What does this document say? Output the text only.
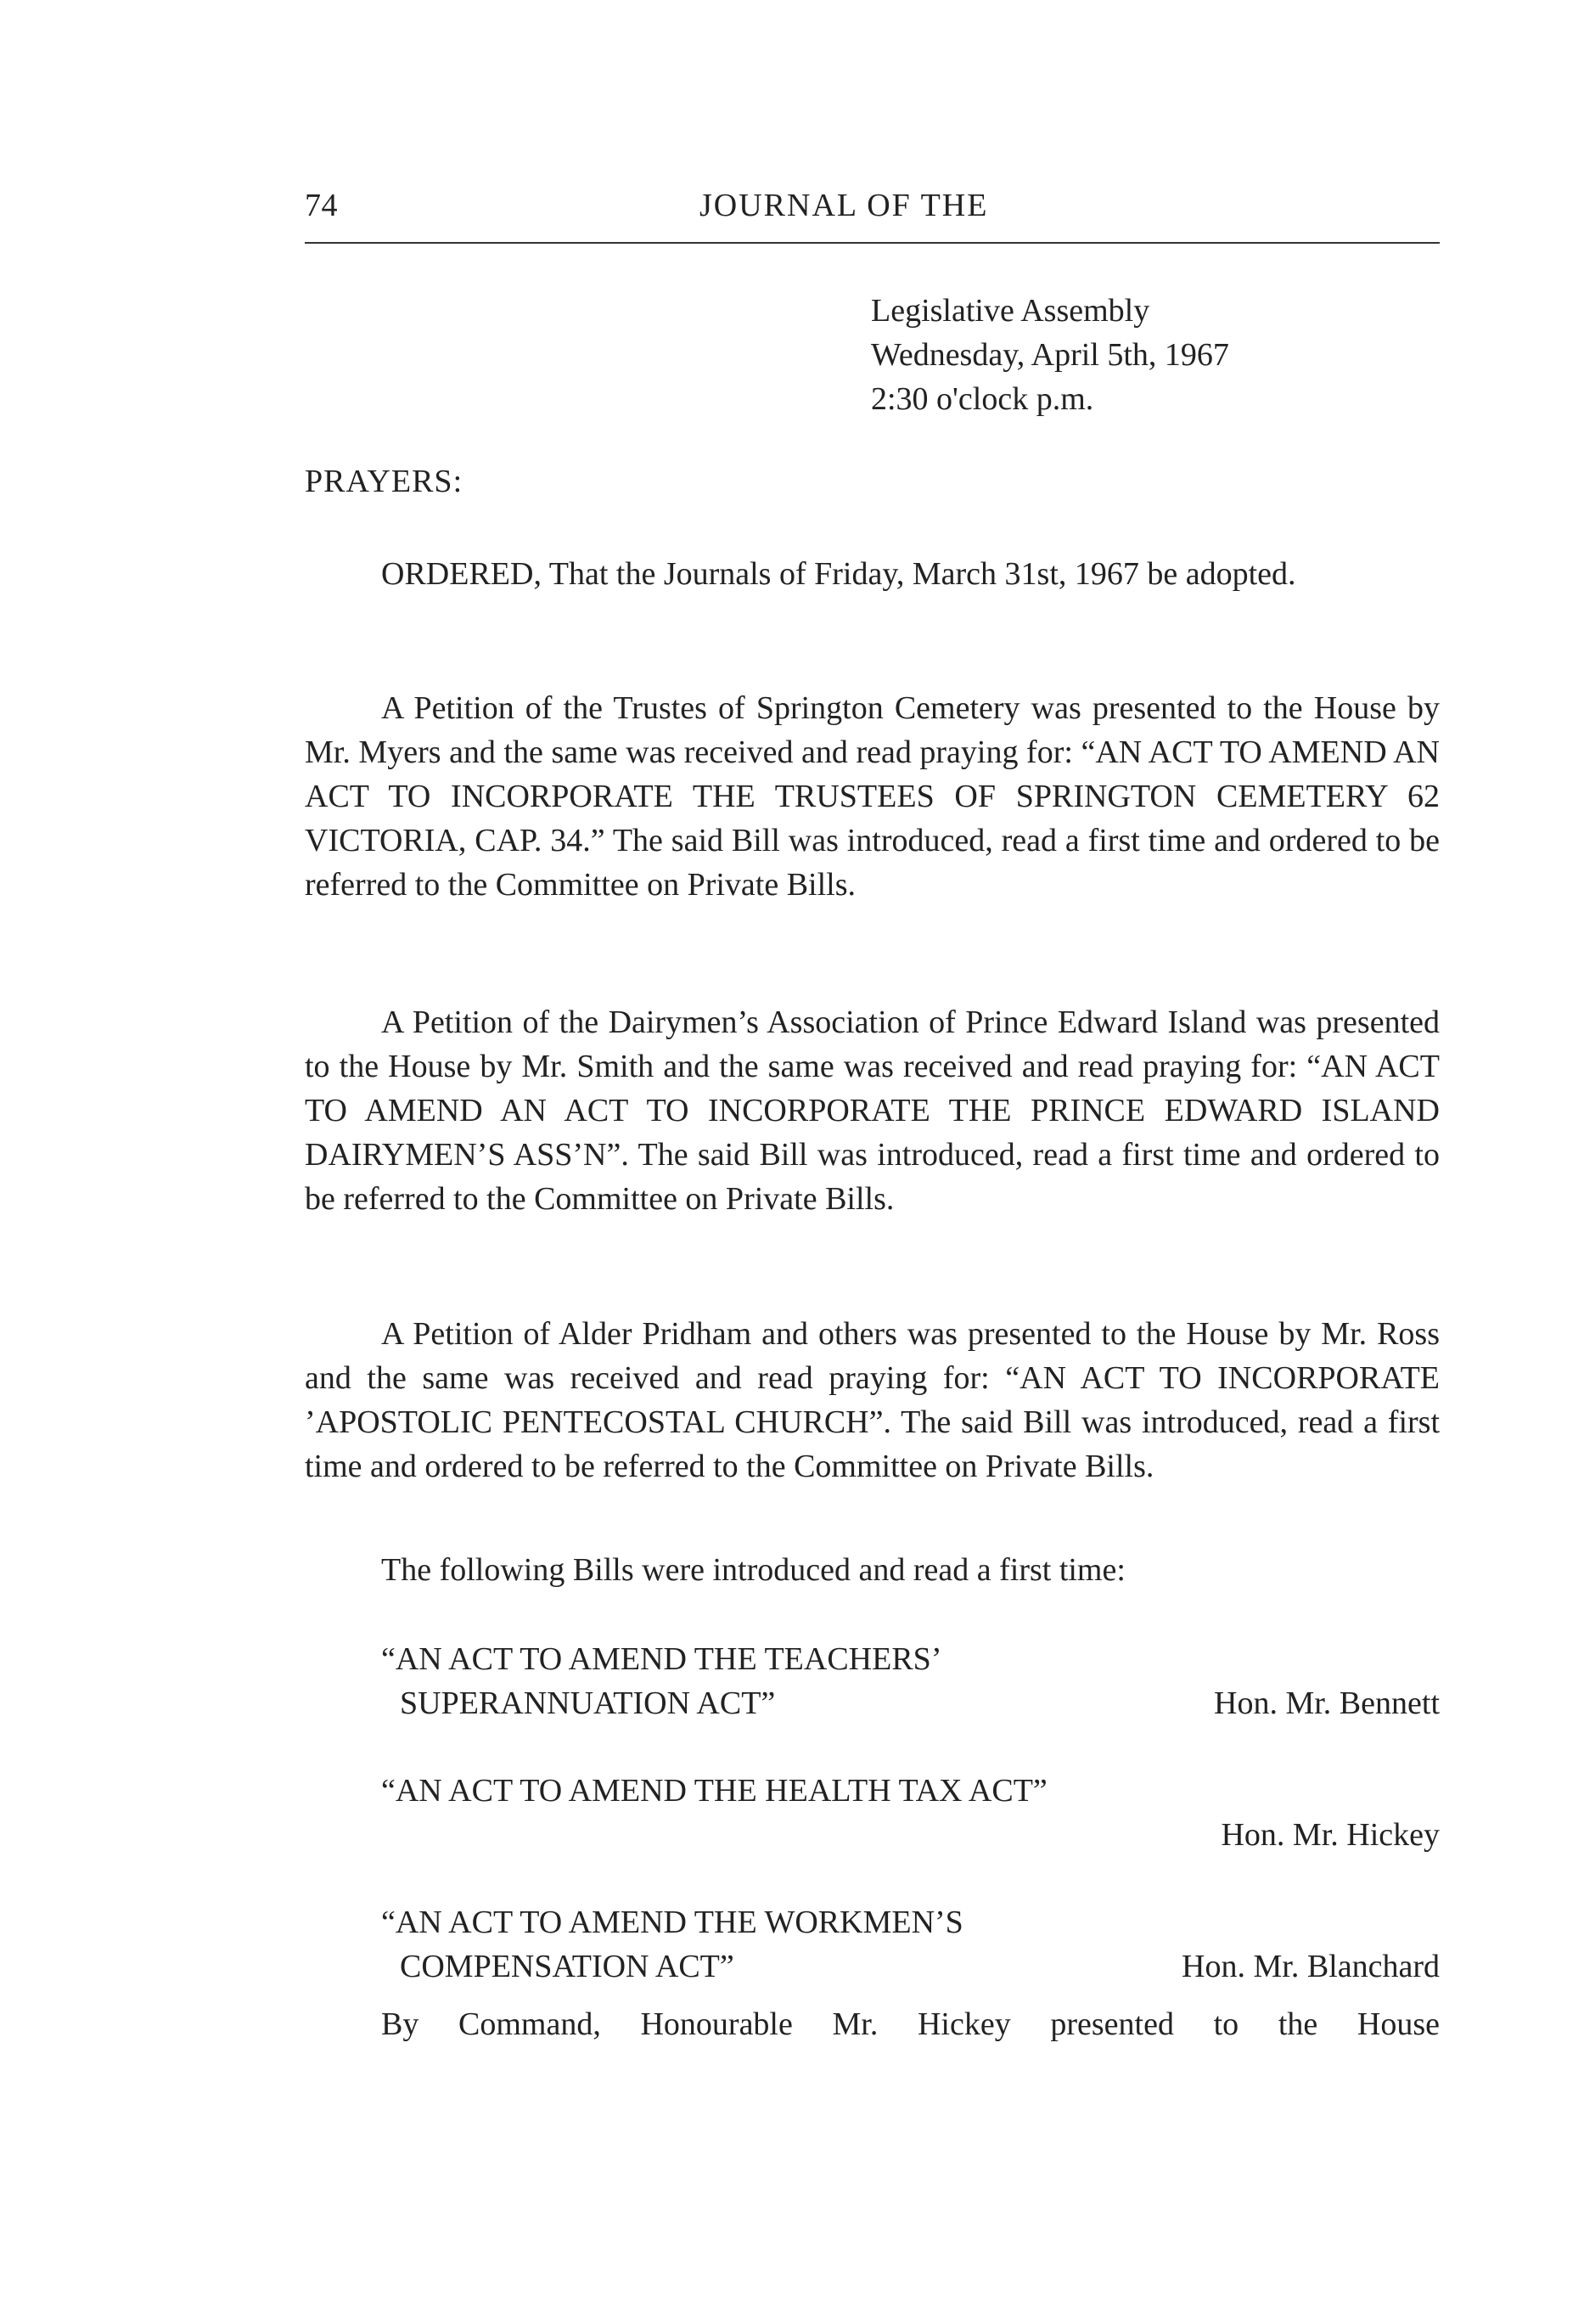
74	JOURNAL OF THE
Legislative Assembly
Wednesday, April 5th, 1967
2:30 o'clock p.m.
PRAYERS:
ORDERED, That the Journals of Friday, March 31st, 1967 be adopted.
A Petition of the Trustes of Springton Cemetery was presented to the House by Mr. Myers and the same was received and read praying for: “AN ACT TO AMEND AN ACT TO INCORPORATE THE TRUSTEES OF SPRINGTON CEMETERY 62 VICTORIA, CAP. 34.” The said Bill was introduced, read a first time and ordered to be referred to the Committee on Private Bills.
A Petition of the Dairymen’s Association of Prince Edward Island was presented to the House by Mr. Smith and the same was received and read praying for: “AN ACT TO AMEND AN ACT TO INCORPORATE THE PRINCE EDWARD ISLAND DAIRYMEN’S ASS’N”. The said Bill was introduced, read a first time and ordered to be referred to the Committee on Private Bills.
A Petition of Alder Pridham and others was presented to the House by Mr. Ross and the same was received and read praying for: “AN ACT TO INCORPORATE ’APOSTOLIC PENTECOSTAL CHURCH”. The said Bill was introduced, read a first time and ordered to be referred to the Committee on Private Bills.
The following Bills were introduced and read a first time:
“AN ACT TO AMEND THE TEACHERS’
SUPERANNUATION ACT”	Hon. Mr. Bennett
“AN ACT TO AMEND THE HEALTH TAX ACT”
Hon. Mr. Hickey
“AN ACT TO AMEND THE WORKMEN’S
COMPENSATION ACT”	Hon. Mr. Blanchard
By Command, Honourable Mr. Hickey presented to the House
